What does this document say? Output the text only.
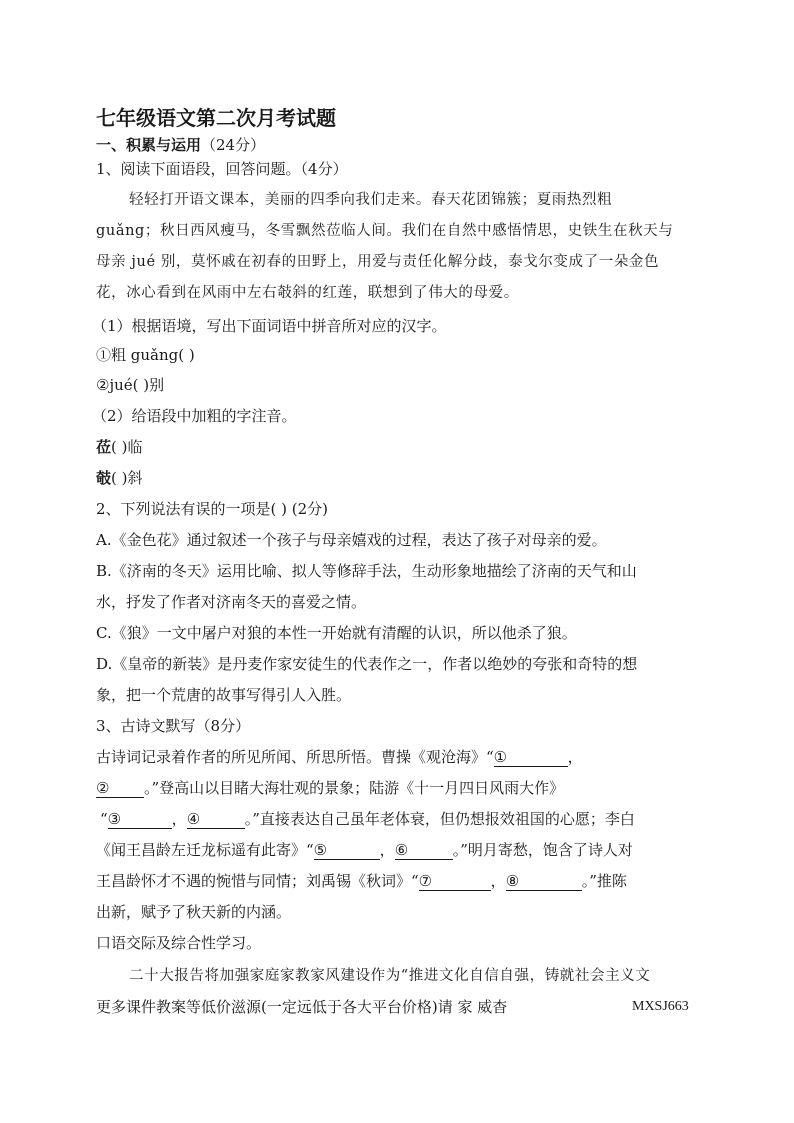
七年级语文第二次月考试题
一、积累与运用（24分）
1、阅读下面语段，回答问题。（4分）
轻轻打开语文课本，美丽的四季向我们走来。春天花团锦簇；夏雨热烈粗
guǎng；秋日西风瘦马，冬雪飘然莅临人间。我们在自然中感悟情思，史铁生在秋天与
母亲 jué 别，莫怀戚在初春的田野上，用爱与责任化解分歧，泰戈尔变成了一朵金色
花，冰心看到在风雨中左右攲斜的红莲，联想到了伟大的母爱。
（1）根据语境，写出下面词语中拼音所对应的汉字。
①粗 guǎng( )
②jué( )别
（2）给语段中加粗的字注音。
莅( )临
攲( )斜
2、下列说法有误的一项是( ) (2分)
A.《金色花》通过叙述一个孩子与母亲嬉戏的过程，表达了孩子对母亲的爱。
B.《济南的冬天》运用比喻、拟人等修辞手法，生动形象地描绘了济南的天气和山
水，抒发了作者对济南冬天的喜爱之情。
C.《狼》一文中屠户对狼的本性一开始就有清醒的认识，所以他杀了狼。
D.《皇帝的新装》是丹麦作家安徒生的代表作之一，作者以绝妙的夸张和奇特的想
象，把一个荒唐的故事写得引人入胜。
3、古诗文默写（8分）
古诗词记录着作者的所见所闻、所思所悟。曹操《观沧海》“①	，
② 。”登高山以目睹大海壮观的景象；陆游《十一月四日风雨大作》
“③	，④	。”直接表达自己虽年老体衰，但仍想报效祖国的心愿；李白
《闻王昌龄左迁龙标遥有此寄》“⑤	，⑥	。”明月寄愁，饱含了诗人对
王昌龄怀才不遇的惋惜与同情；刘禹锡《秋词》“⑦	，⑧	。”推陈
出新，赋予了秋天新的内涵。
口语交际及综合性学习。
二十大报告将加强家庭家教家风建设作为“推进文化自信自强，铸就社会主义文
更多课件教案等低价滋源(一定远低于各大平台价格)请 家 威杳	MXSJ663
